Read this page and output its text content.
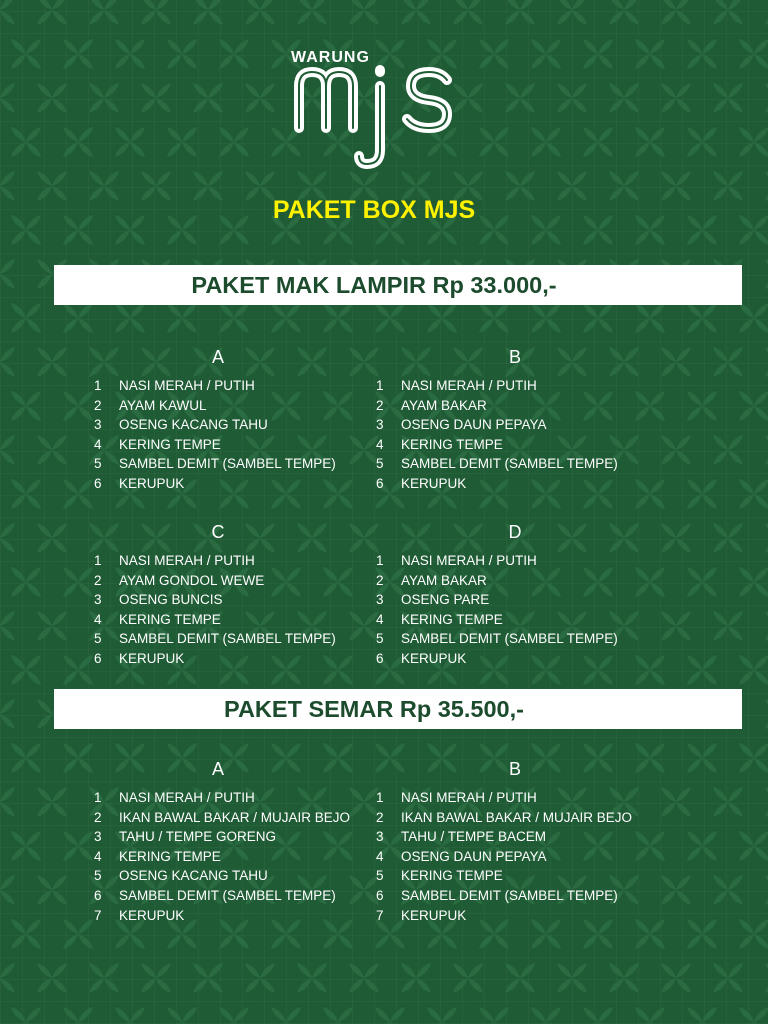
WARUNG
PAKET BOX MJS
PAKET MAK LAMPIR Rp 33.000,-
A
1	NASI MERAH / PUTIH
2	AYAM KAWUL
3	OSENG KACANG TAHU
4	KERING TEMPE
5	SAMBEL DEMIT (SAMBEL TEMPE)
6	KERUPUK
B
1	NASI MERAH / PUTIH
2	AYAM BAKAR
3	OSENG DAUN PEPAYA
4	KERING TEMPE
5	SAMBEL DEMIT (SAMBEL TEMPE)
6	KERUPUK
C
1	NASI MERAH / PUTIH
2	AYAM GONDOL WEWE
3	OSENG BUNCIS
4	KERING TEMPE
5	SAMBEL DEMIT (SAMBEL TEMPE)
6	KERUPUK
D
1	NASI MERAH / PUTIH
2	AYAM BAKAR
3	OSENG PARE
4	KERING TEMPE
5	SAMBEL DEMIT (SAMBEL TEMPE)
6	KERUPUK
PAKET SEMAR Rp 35.500,-
A
1	NASI MERAH / PUTIH
2	IKAN BAWAL BAKAR / MUJAIR BEJO
3	TAHU / TEMPE GORENG
4	KERING TEMPE
5	OSENG KACANG TAHU
6	SAMBEL DEMIT (SAMBEL TEMPE)
7	KERUPUK
B
1	NASI MERAH / PUTIH
2	IKAN BAWAL BAKAR / MUJAIR BEJO
3	TAHU / TEMPE BACEM
4	OSENG DAUN PEPAYA
5	KERING TEMPE
6	SAMBEL DEMIT (SAMBEL TEMPE)
7	KERUPUK
